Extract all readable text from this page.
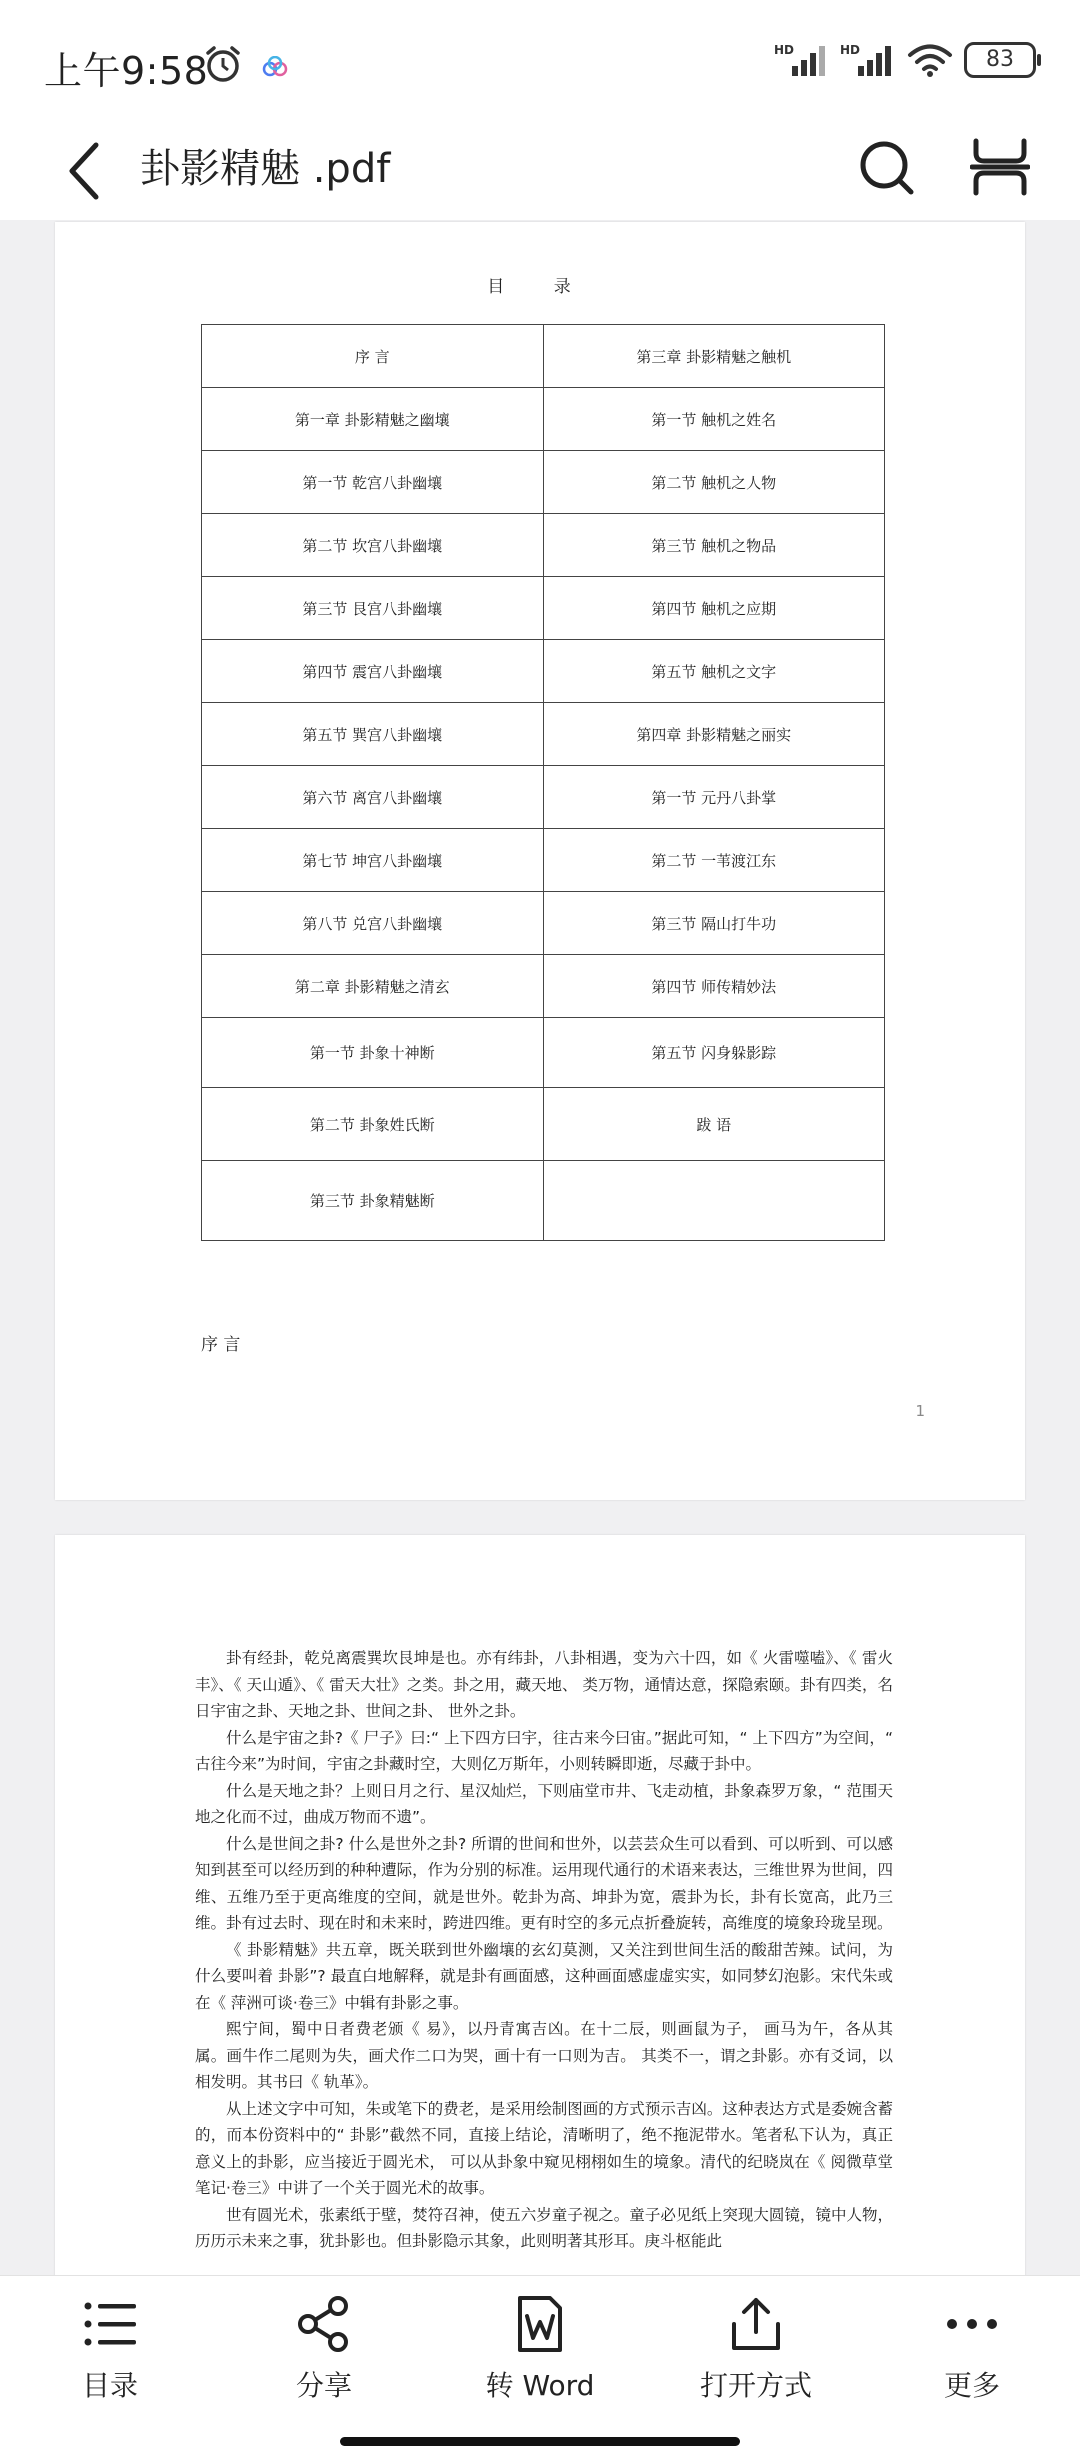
上午9:58	HD	HD	83
卦影精魅 .pdf
目 录
序 言	第三章 卦影精魅之触机
第一章 卦影精魅之幽壤	第一节 触机之姓名
第一节 乾宫八卦幽壤	第二节 触机之人物
第二节 坎宫八卦幽壤	第三节 触机之物品
第三节 艮宫八卦幽壤	第四节 触机之应期
第四节 震宫八卦幽壤	第五节 触机之文字
第五节 巽宫八卦幽壤	第四章 卦影精魅之丽实
第六节 离宫八卦幽壤	第一节 元丹八卦掌
第七节 坤宫八卦幽壤	第二节 一苇渡江东
第八节 兑宫八卦幽壤	第三节 隔山打牛功
第二章 卦影精魅之清玄	第四节 师传精妙法
第一节 卦象十神断	第五节 闪身躲影踪
第二节 卦象姓氏断	跋 语
第三节 卦象精魅断	
序 言
1

卦有经卦，乾兑离震巽坎艮坤是也。亦有纬卦，八卦相遇，变为六十四，如《 火雷噬嗑》、《 雷火丰》、《 天山遁》、《 雷天大壮》之类。卦之用，藏天地、 类万物，通情达意，探隐索颐。卦有四类，名日宇宙之卦、天地之卦、世间之卦、 世外之卦。

什么是宇宙之卦?《 尸子》曰:“ 上下四方曰宇，往古来今曰宙。”据此可知，“ 上下四方”为空间，“ 古往今来”为时间，宇宙之卦藏时空，大则亿万斯年，小则转瞬即逝，尽藏于卦中。

什么是天地之卦？上则日月之行、星汉灿烂，下则庙堂市井、飞走动植，卦象森罗万象，“ 范围天地之化而不过，曲成万物而不遗”。

什么是世间之卦? 什么是世外之卦? 所谓的世间和世外，以芸芸众生可以看到、可以听到、可以感知到甚至可以经历到的种种遭际，作为分别的标准。运用现代通行的术语来表达，三维世界为世间，四维、五维乃至于更高维度的空间，就是世外。乾卦为高、坤卦为宽，震卦为长，卦有长宽高，此乃三维。卦有过去时、现在时和未来时，跨进四维。更有时空的多元点折叠旋转，高维度的境象玲珑呈现。

《 卦影精魅》共五章，既关联到世外幽壤的玄幻莫测，又关注到世间生活的酸甜苦辣。试问，为什么要叫着 卦影”? 最直白地解释，就是卦有画面感，这种画面感虚虚实实，如同梦幻泡影。宋代朱或在《 萍洲可谈·卷三》中辑有卦影之事。

熙宁间，蜀中日者费老颁《 易》，以丹青寓吉凶。在十二辰，则画鼠为子， 画马为午，各从其属。画牛作二尾则为失，画犬作二口为哭，画十有一口则为吉。 其类不一，谓之卦影。亦有爻词，以相发明。其书曰《 轨革》。

从上述文字中可知，朱或笔下的费老，是采用绘制图画的方式预示吉凶。这种表达方式是委婉含蓄的，而本份资料中的“ 卦影”截然不同，直接上结论，清晰明了，绝不拖泥带水。笔者私下认为，真正意义上的卦影，应当接近于圆光术， 可以从卦象中窥见栩栩如生的境象。清代的纪晓岚在《 阅微草堂笔记·卷三》中讲了一个关于圆光术的故事。

世有圆光术，张素纸于壁，焚符召神，使五六岁童子视之。童子必见纸上突现大圆镜，镜中人物，历历示未来之事，犹卦影也。但卦影隐示其象，此则明著其形耳。庚斗枢能此

目录	分享	转 Word	打开方式	更多
